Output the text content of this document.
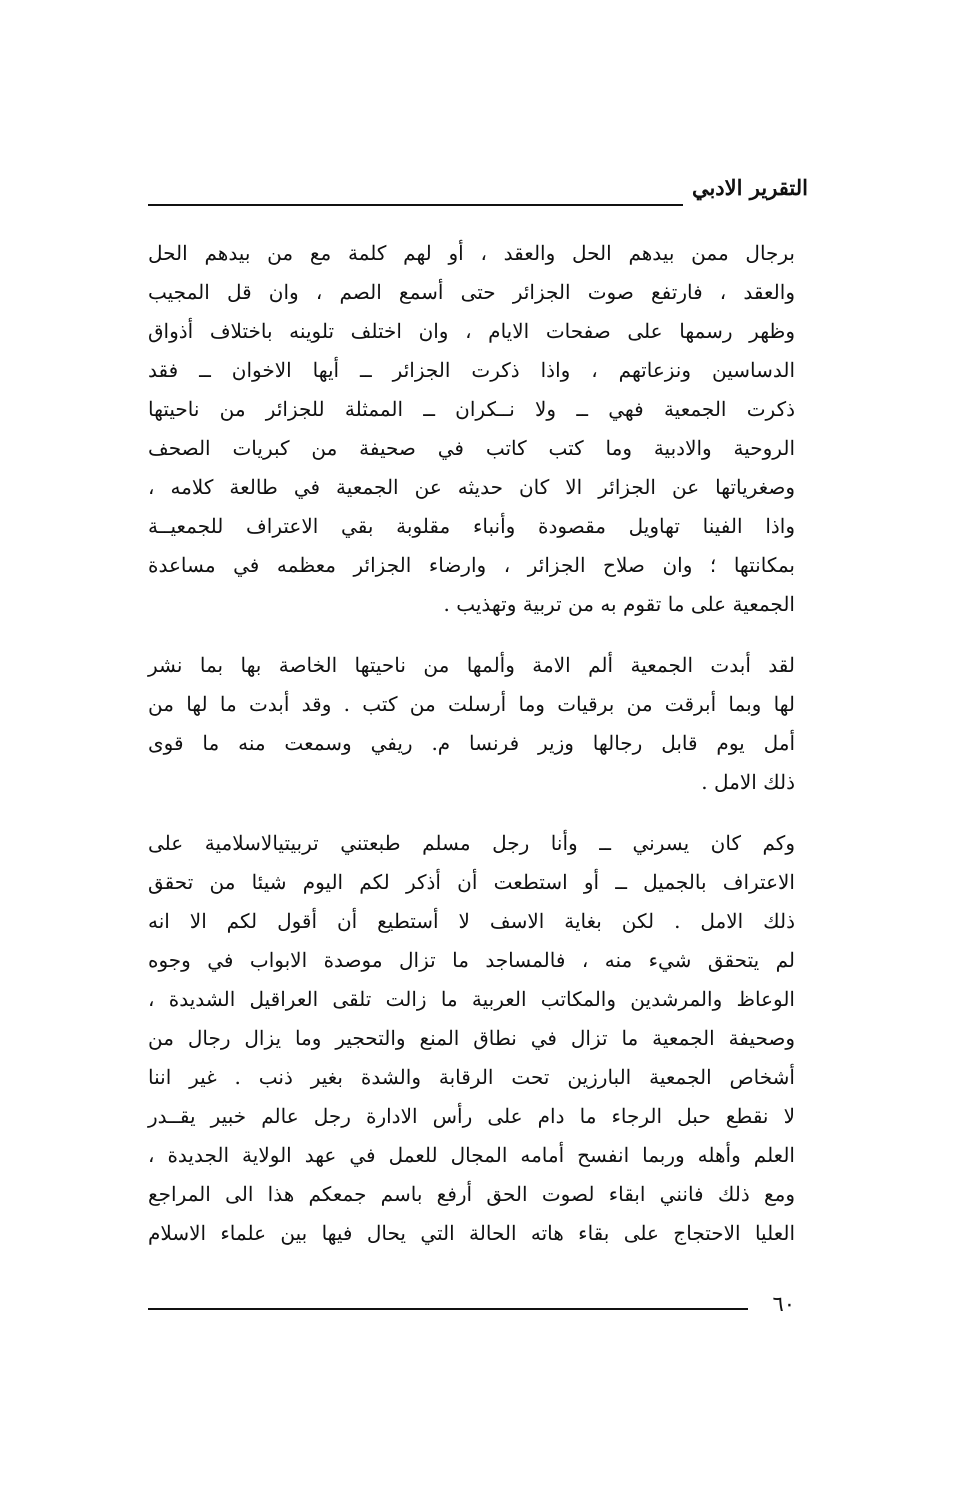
التقرير الادبي
برجال ممن بيدهم الحل والعقد ، أو لهم كلمة مع من بيدهم الحل
والعقد ، فارتفع صوت الجزائر حتى أسمع الصم ، وان قل المجيب
وظهر رسمها على صفحات الايام ، وان اختلف تلوينه باختلاف أذواق
الدساسين ونزعاتهم ، واذا ذكرت الجزائر ــ أيها الاخوان ــ فقد
ذكرت الجمعية فهي ــ ولا نــكران ــ الممثلة للجزائر من ناحيتها
الروحية والادبية وما كتب كاتب في صحيفة من كبريات الصحف
وصغرياتها عن الجزائر الا كان حديثه عن الجمعية في طالعة كلامه ،
واذا الفينا تهاويل مقصودة وأنباء مقلوبة بقي الاعتراف للجمعيــة
بمكانتها ؛ وان صلاح الجزائر ، وارضاء الجزائر معظمه في مساعدة
الجمعية على ما تقوم به من تربية وتهذيب .
لقد أبدت الجمعية ألم الامة وألمها من ناحيتها الخاصة بها بما نشر
لها وبما أبرقت من برقيات وما أرسلت من كتب . وقد أبدت ما لها من
أمل يوم قابل رجالها وزير فرنسا م. ريفي وسمعت منه ما قوى
ذلك الامل .
وكم كان يسرني ــ وأنا رجل مسلم طبعتني تربيتيالاسلامية على
الاعتراف بالجميل ــ أو استطعت أن أذكر لكم اليوم شيئا من تحقق
ذلك الامل . لكن بغاية الاسف لا أستطيع أن أقول لكم الا انه
لم يتحقق شيء منه ، فالمساجد ما تزال موصدة الابواب في وجوه
الوعاظ والمرشدين والمكاتب العربية ما زالت تلقى العراقيل الشديدة ،
وصحيفة الجمعية ما تزال في نطاق المنع والتحجير وما يزال رجال من
أشخاص الجمعية البارزين تحت الرقابة والشدة بغير ذنب . غير اننا
لا نقطع حبل الرجاء ما دام على رأس الادارة رجل عالم خبير يقــدر
العلم وأهله وربما انفسح أمامه المجال للعمل في عهد الولاية الجديدة ،
ومع ذلك فانني ابقاء لصوت الحق أرفع باسم جمعكم هذا الى المراجع
العليا الاحتجاج على بقاء هاته الحالة التي يحال فيها بين علماء الاسلام
٦٠
